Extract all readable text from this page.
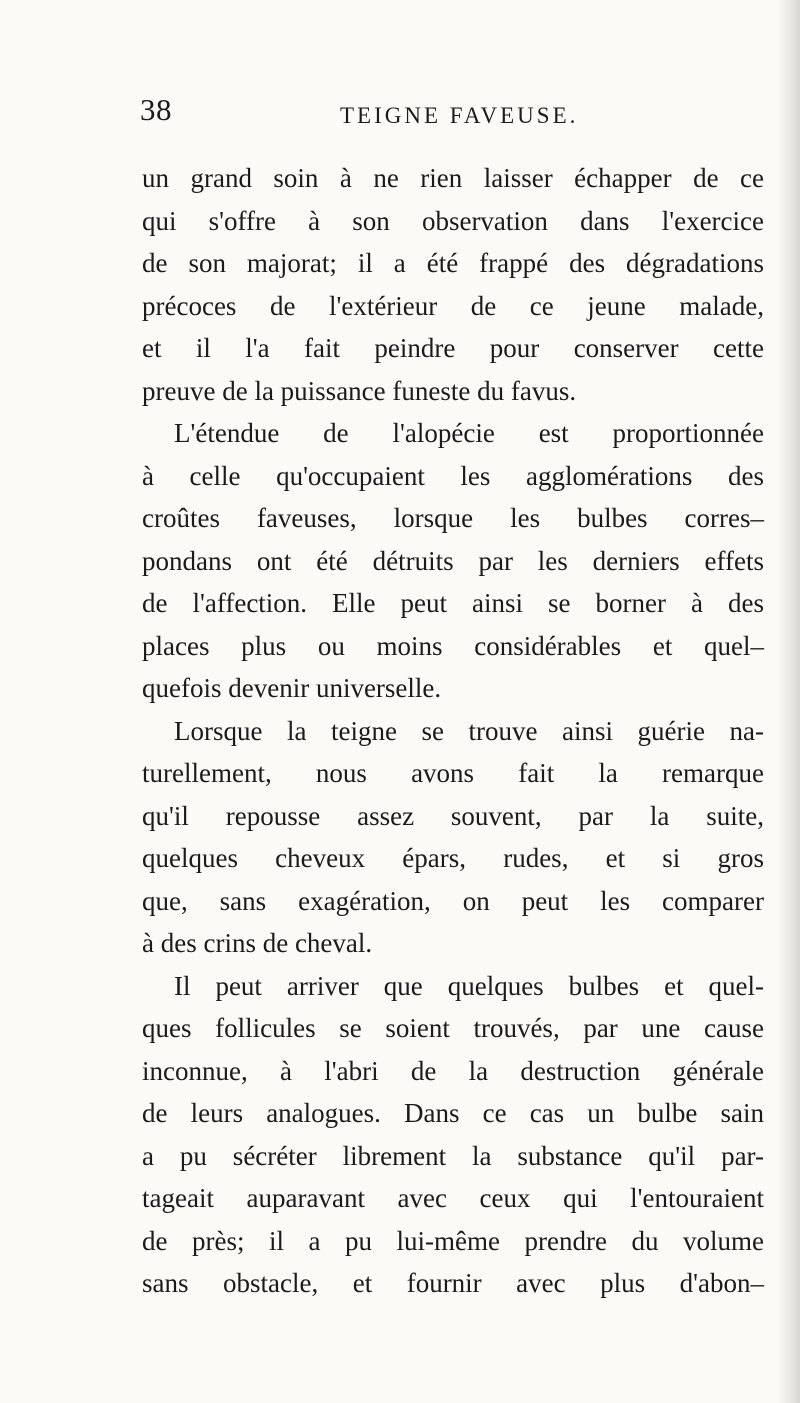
38	TEIGNE FAVEUSE.
un grand soin à ne rien laisser échapper de ce
qui s'offre à son observation dans l'exercice
de son majorat; il a été frappé des dégradations
précoces de l'extérieur de ce jeune malade,
et il l'a fait peindre pour conserver cette
preuve de la puissance funeste du favus.
L'étendue de l'alopécie est proportionnée
à celle qu'occupaient les agglomérations des
croûtes faveuses, lorsque les bulbes corres–
pondans ont été détruits par les derniers effets
de l'affection. Elle peut ainsi se borner à des
places plus ou moins considérables et quel–
quefois devenir universelle.
Lorsque la teigne se trouve ainsi guérie na-
turellement, nous avons fait la remarque
qu'il repousse assez souvent, par la suite,
quelques cheveux épars, rudes, et si gros
que, sans exagération, on peut les comparer
à des crins de cheval.
Il peut arriver que quelques bulbes et quel-
ques follicules se soient trouvés, par une cause
inconnue, à l'abri de la destruction générale
de leurs analogues. Dans ce cas un bulbe sain
a pu sécréter librement la substance qu'il par-
tageait auparavant avec ceux qui l'entouraient
de près; il a pu lui-même prendre du volume
sans obstacle, et fournir avec plus d'abon–
